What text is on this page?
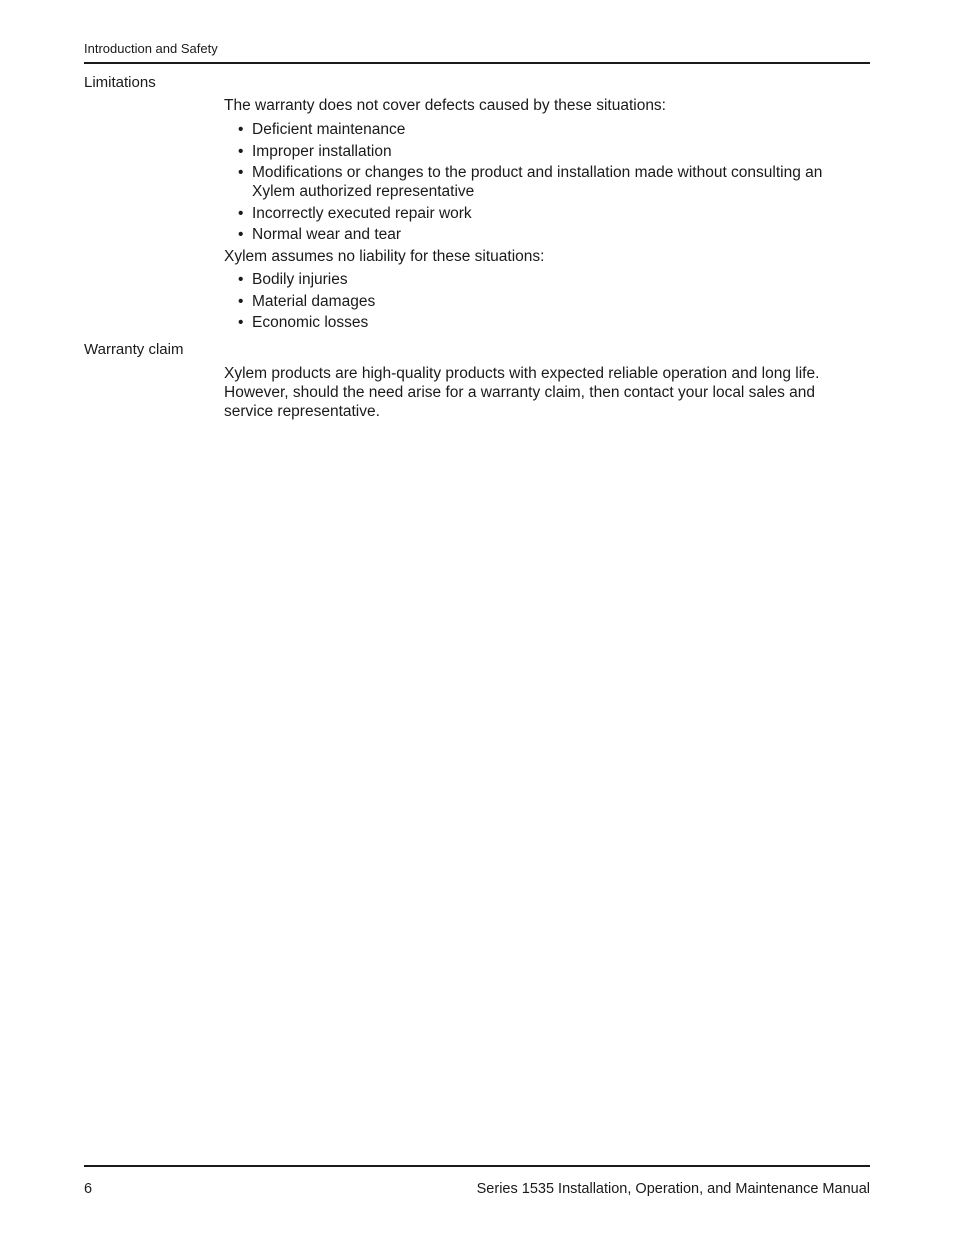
Introduction and Safety
Limitations
The warranty does not cover defects caused by these situations:
• Deficient maintenance
• Improper installation
• Modifications or changes to the product and installation made without consulting an Xylem authorized representative
• Incorrectly executed repair work
• Normal wear and tear
Xylem assumes no liability for these situations:
• Bodily injuries
• Material damages
• Economic losses
Warranty claim
Xylem products are high-quality products with expected reliable operation and long life. However, should the need arise for a warranty claim, then contact your local sales and service representative.
6	Series 1535 Installation, Operation, and Maintenance Manual
